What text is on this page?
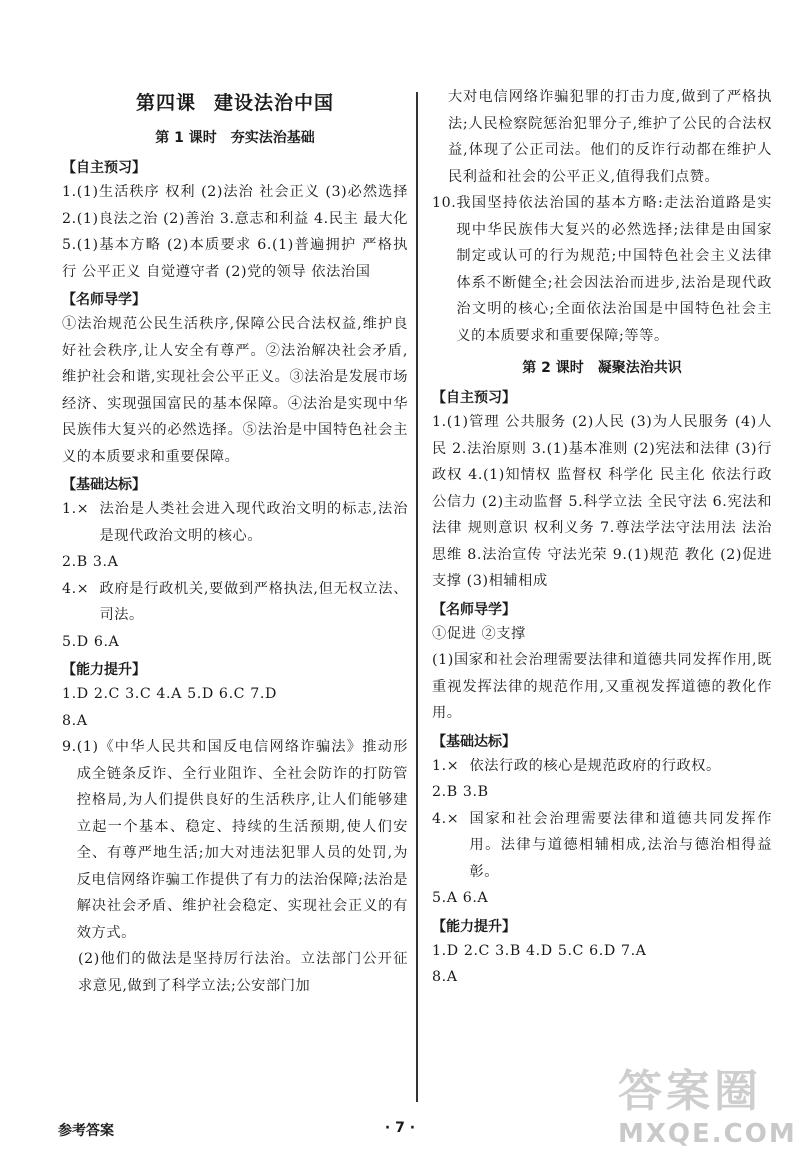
第四课 建设法治中国
第 1 课时 夯实法治基础
【自主预习】

1.(1)生活秩序 权利 (2)法治 社会正义 (3)必然选择 2.(1)良法之治 (2)善治 3.意志和利益 4.民主 最大化 5.(1)基本方略 (2)本质要求 6.(1)普遍拥护 严格执行 公平正义 自觉遵守者 (2)党的领导 依法治国

【名师导学】

①法治规范公民生活秩序,保障公民合法权益,维护良好社会秩序,让人安全有尊严。②法治解决社会矛盾,维护社会和谐,实现社会公平正义。③法治是发展市场经济、实现强国富民的基本保障。④法治是实现中华民族伟大复兴的必然选择。⑤法治是中国特色社会主义的本质要求和重要保障。

【基础达标】
1.× 法治是人类社会进入现代政治文明的标志,法治是现代政治文明的核心。

2.B 3.A

4.× 政府是行政机关,要做到严格执法,但无权立法、司法。

5.D 6.A

【能力提升】

1.D 2.C 3.C 4.A 5.D 6.C 7.D

8.A

9. (1)《中华人民共和国反电信网络诈骗法》推动形成全链条反诈、全行业阻诈、全社会防诈的打防管控格局,为人们提供良好的生活秩序,让人们能够建立起一个基本、稳定、持续的生活预期,使人们安全、有尊严地生活;加大对违法犯罪人员的处罚,为反电信网络诈骗工作提供了有力的法治保障;法治是解决社会矛盾、维护社会稳定、实现社会正义的有效方式。

(2)他们的做法是坚持厉行法治。立法部门公开征求意见,做到了科学立法;公安部门加

大对电信网络诈骗犯罪的打击力度,做到了严格执法;人民检察院惩治犯罪分子,维护了公民的合法权益,体现了公正司法。他们的反诈行动都在维护人民利益和社会的公平正义,值得我们点赞。

10. 我国坚持依法治国的基本方略:走法治道路是实现中华民族伟大复兴的必然选择;法律是由国家制定或认可的行为规范;中国特色社会主义法律体系不断健全;社会因法治而进步,法治是现代政治文明的核心;全面依法治国是中国特色社会主义的本质要求和重要保障;等等。
第 2 课时 凝聚法治共识
【自主预习】

1.(1)管理 公共服务 (2)人民 (3)为人民服务 (4)人民 2.法治原则 3.(1)基本准则 (2)宪法和法律 (3)行政权 4.(1)知情权 监督权 科学化 民主化 依法行政 公信力 (2)主动监督 5.科学立法 全民守法 6.宪法和法律 规则意识 权利义务 7.尊法学法守法用法 法治思维 8.法治宣传 守法光荣 9.(1)规范 教化 (2)促进 支撑 (3)相辅相成

【名师导学】

①促进 ②支撑

(1)国家和社会治理需要法律和道德共同发挥作用,既重视发挥法律的规范作用,又重视发挥道德的教化作用。

【基础达标】
1.× 依法行政的核心是规范政府的行政权。

2.B 3.B

4.× 国家和社会治理需要法律和道德共同发挥作用。法律与道德相辅相成,法治与德治相得益彰。

5.A 6.A

【能力提升】

1.D 2.C 3.B 4.D 5.C 6.D 7.A

8.A

参考答案	· 7 ·
答案圈
MXQE.COM
